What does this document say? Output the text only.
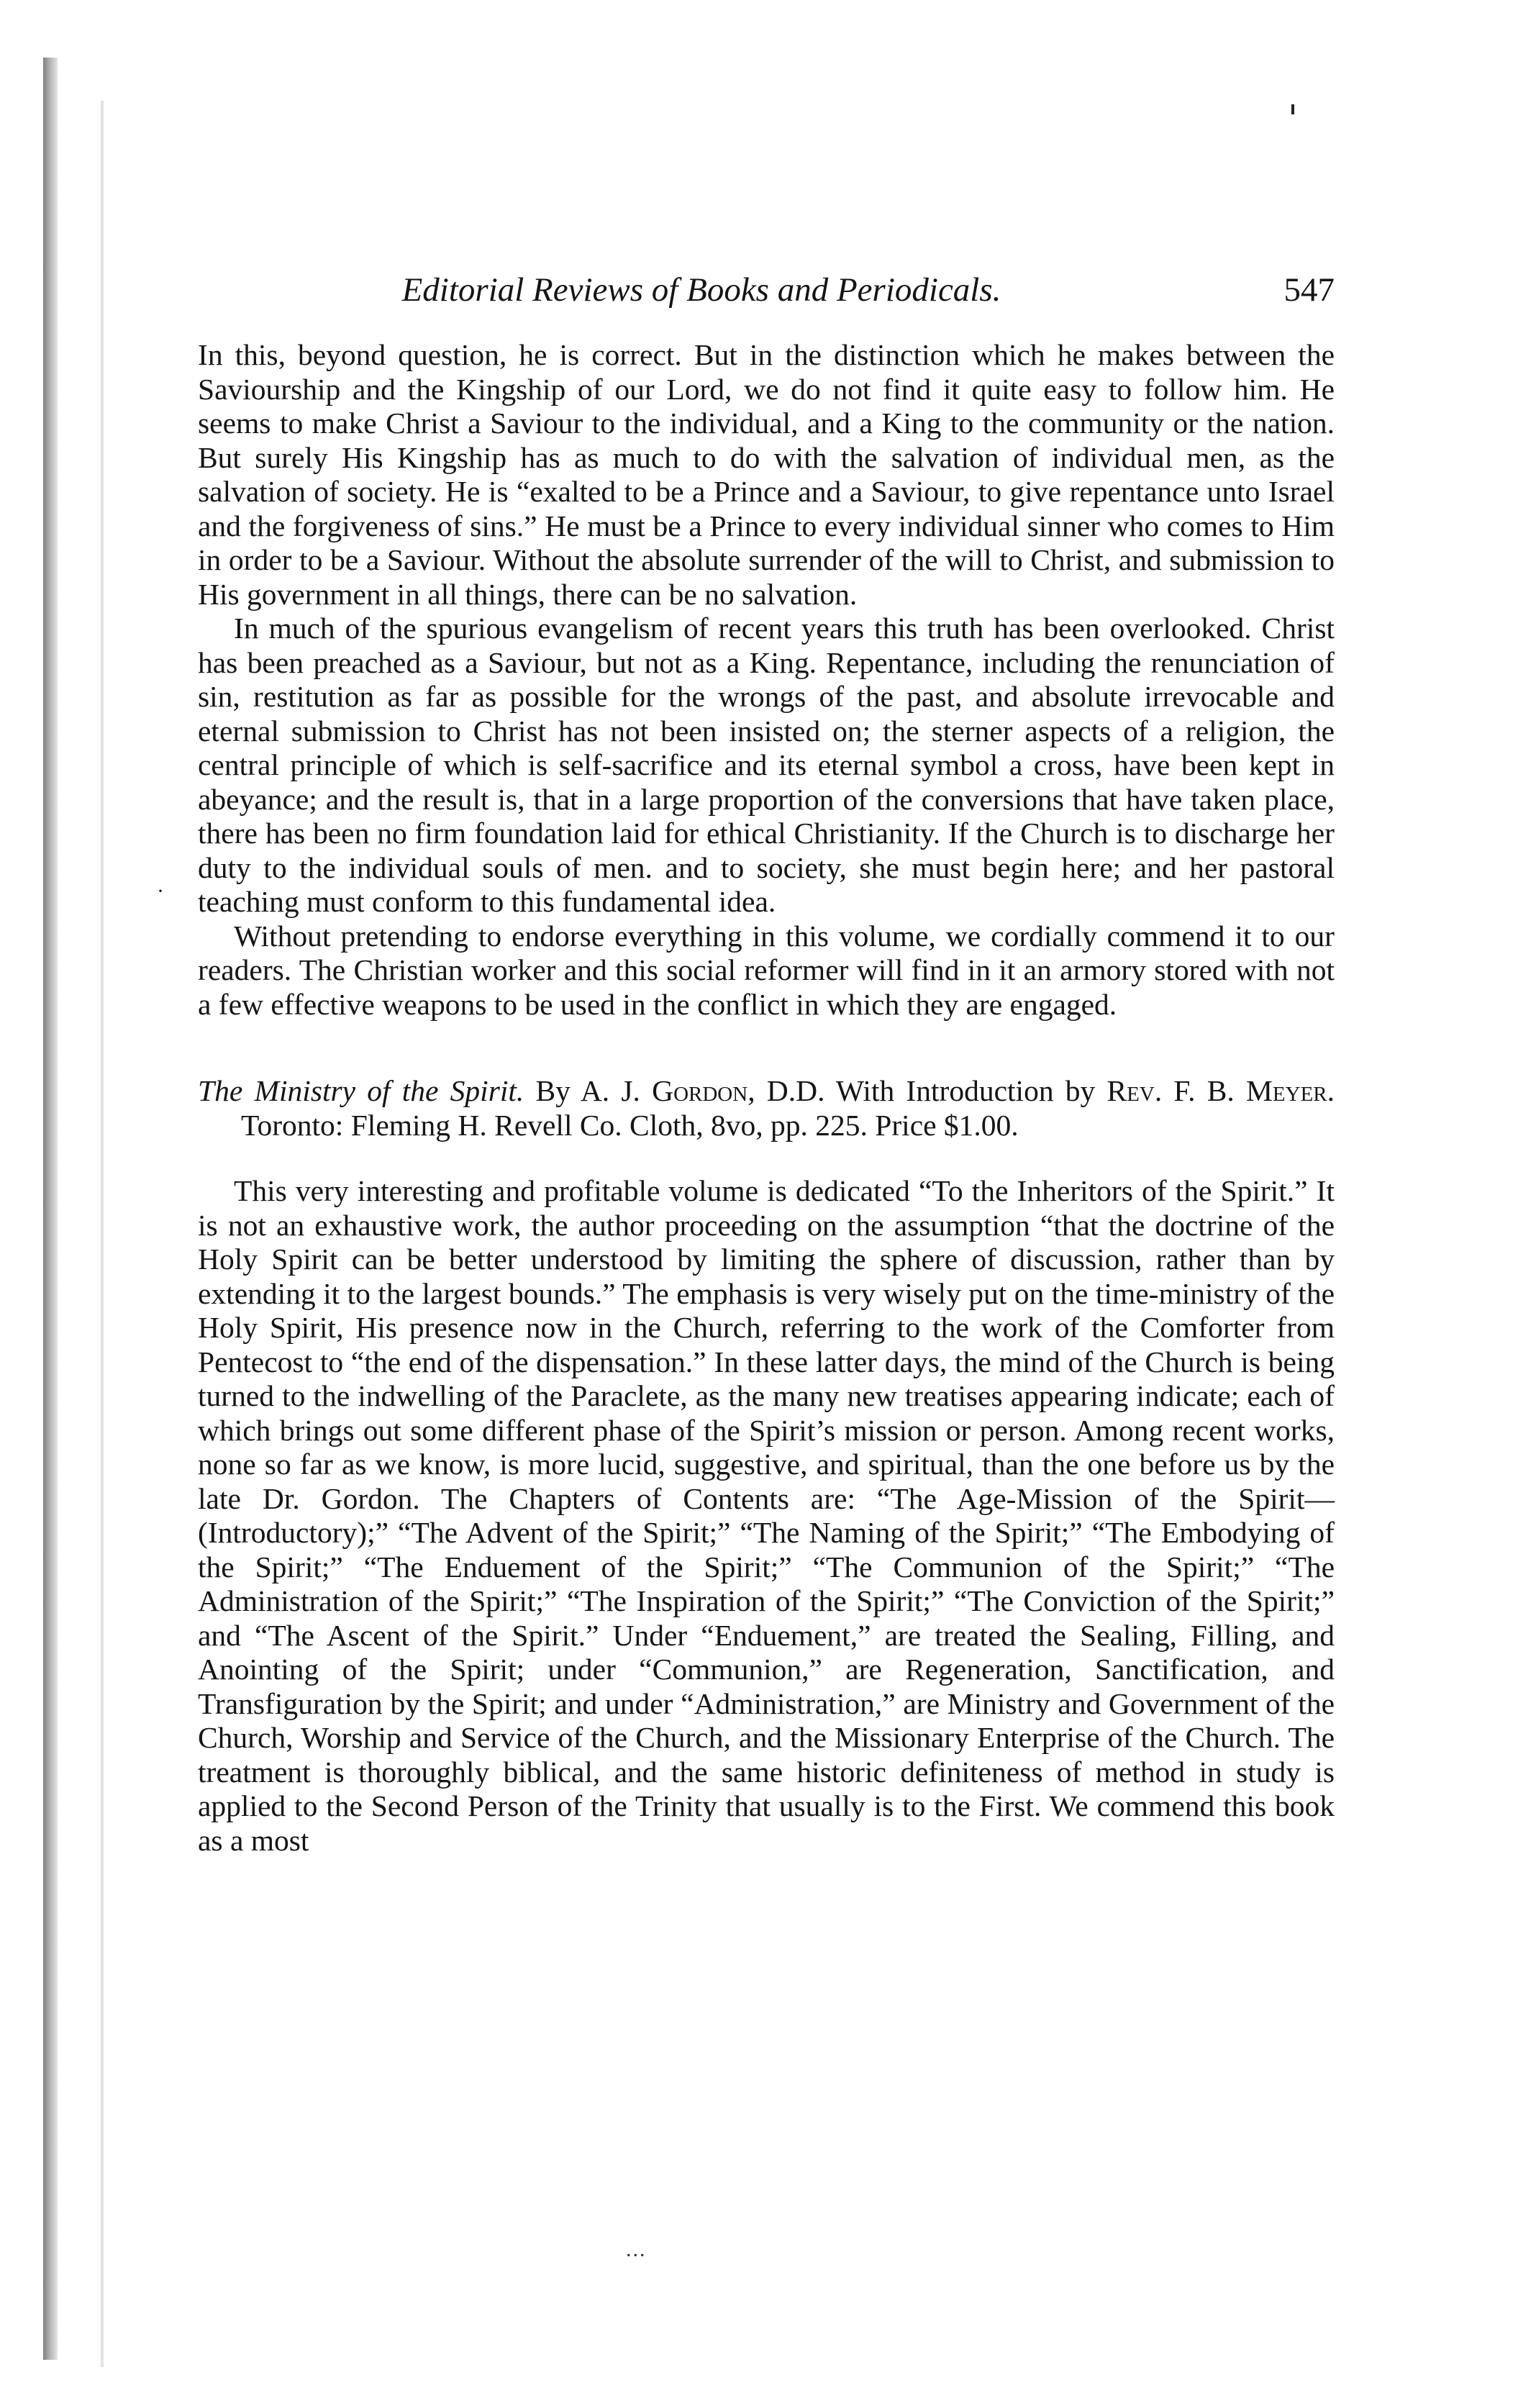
·
Editorial Reviews of Books and Periodicals.	547

In this, beyond question, he is correct. But in the distinction which he makes between the Saviourship and the Kingship of our Lord, we do not find it quite easy to follow him. He seems to make Christ a Saviour to the individual, and a King to the community or the nation. But surely His Kingship has as much to do with the salvation of individual men, as the salvation of society. He is “exalted to be a Prince and a Saviour, to give repentance unto Israel and the forgiveness of sins.” He must be a Prince to every individual sinner who comes to Him in order to be a Saviour. Without the absolute surrender of the will to Christ, and submission to His government in all things, there can be no salvation.

In much of the spurious evangelism of recent years this truth has been overlooked. Christ has been preached as a Saviour, but not as a King. Repentance, including the renunciation of sin, restitution as far as possible for the wrongs of the past, and absolute irrevocable and eternal submission to Christ has not been insisted on; the sterner aspects of a religion, the central principle of which is self-sacrifice and its eternal symbol a cross, have been kept in abeyance; and the result is, that in a large proportion of the conversions that have taken place, there has been no firm foundation laid for ethical Christianity. If the Church is to discharge her duty to the individual souls of men. and to society, she must begin here; and her pastoral teaching must conform to this fundamental idea.

Without pretending to endorse everything in this volume, we cordially commend it to our readers. The Christian worker and this social reformer will find in it an armory stored with not a few effective weapons to be used in the conflict in which they are engaged.

The Ministry of the Spirit. By A. J. Gordon, D.D. With Introduction by Rev. F. B. Meyer. Toronto: Fleming H. Revell Co. Cloth, 8vo, pp. 225. Price $1.00.

This very interesting and profitable volume is dedicated “To the Inheritors of the Spirit.” It is not an exhaustive work, the author proceeding on the assumption “that the doctrine of the Holy Spirit can be better understood by limiting the sphere of discussion, rather than by extending it to the largest bounds.” The emphasis is very wisely put on the time-ministry of the Holy Spirit, His presence now in the Church, referring to the work of the Comforter from Pentecost to “the end of the dispensation.” In these latter days, the mind of the Church is being turned to the indwelling of the Paraclete, as the many new treatises appearing indicate; each of which brings out some different phase of the Spirit’s mission or person. Among recent works, none so far as we know, is more lucid, suggestive, and spiritual, than the one before us by the late Dr. Gordon. The Chapters of Contents are: “The Age-Mission of the Spirit—(Introductory);” “The Advent of the Spirit;” “The Naming of the Spirit;” “The Embodying of the Spirit;” “The Enduement of the Spirit;” “The Communion of the Spirit;” “The Administration of the Spirit;” “The Inspiration of the Spirit;” “The Conviction of the Spirit;” and “The Ascent of the Spirit.” Under “Enduement,” are treated the Sealing, Filling, and Anointing of the Spirit; under “Communion,” are Regeneration, Sanctification, and Transfiguration by the Spirit; and under “Administration,” are Ministry and Government of the Church, Worship and Service of the Church, and the Missionary Enterprise of the Church. The treatment is thoroughly biblical, and the same historic definiteness of method in study is applied to the Second Person of the Trinity that usually is to the First. We commend this book as a most

...
